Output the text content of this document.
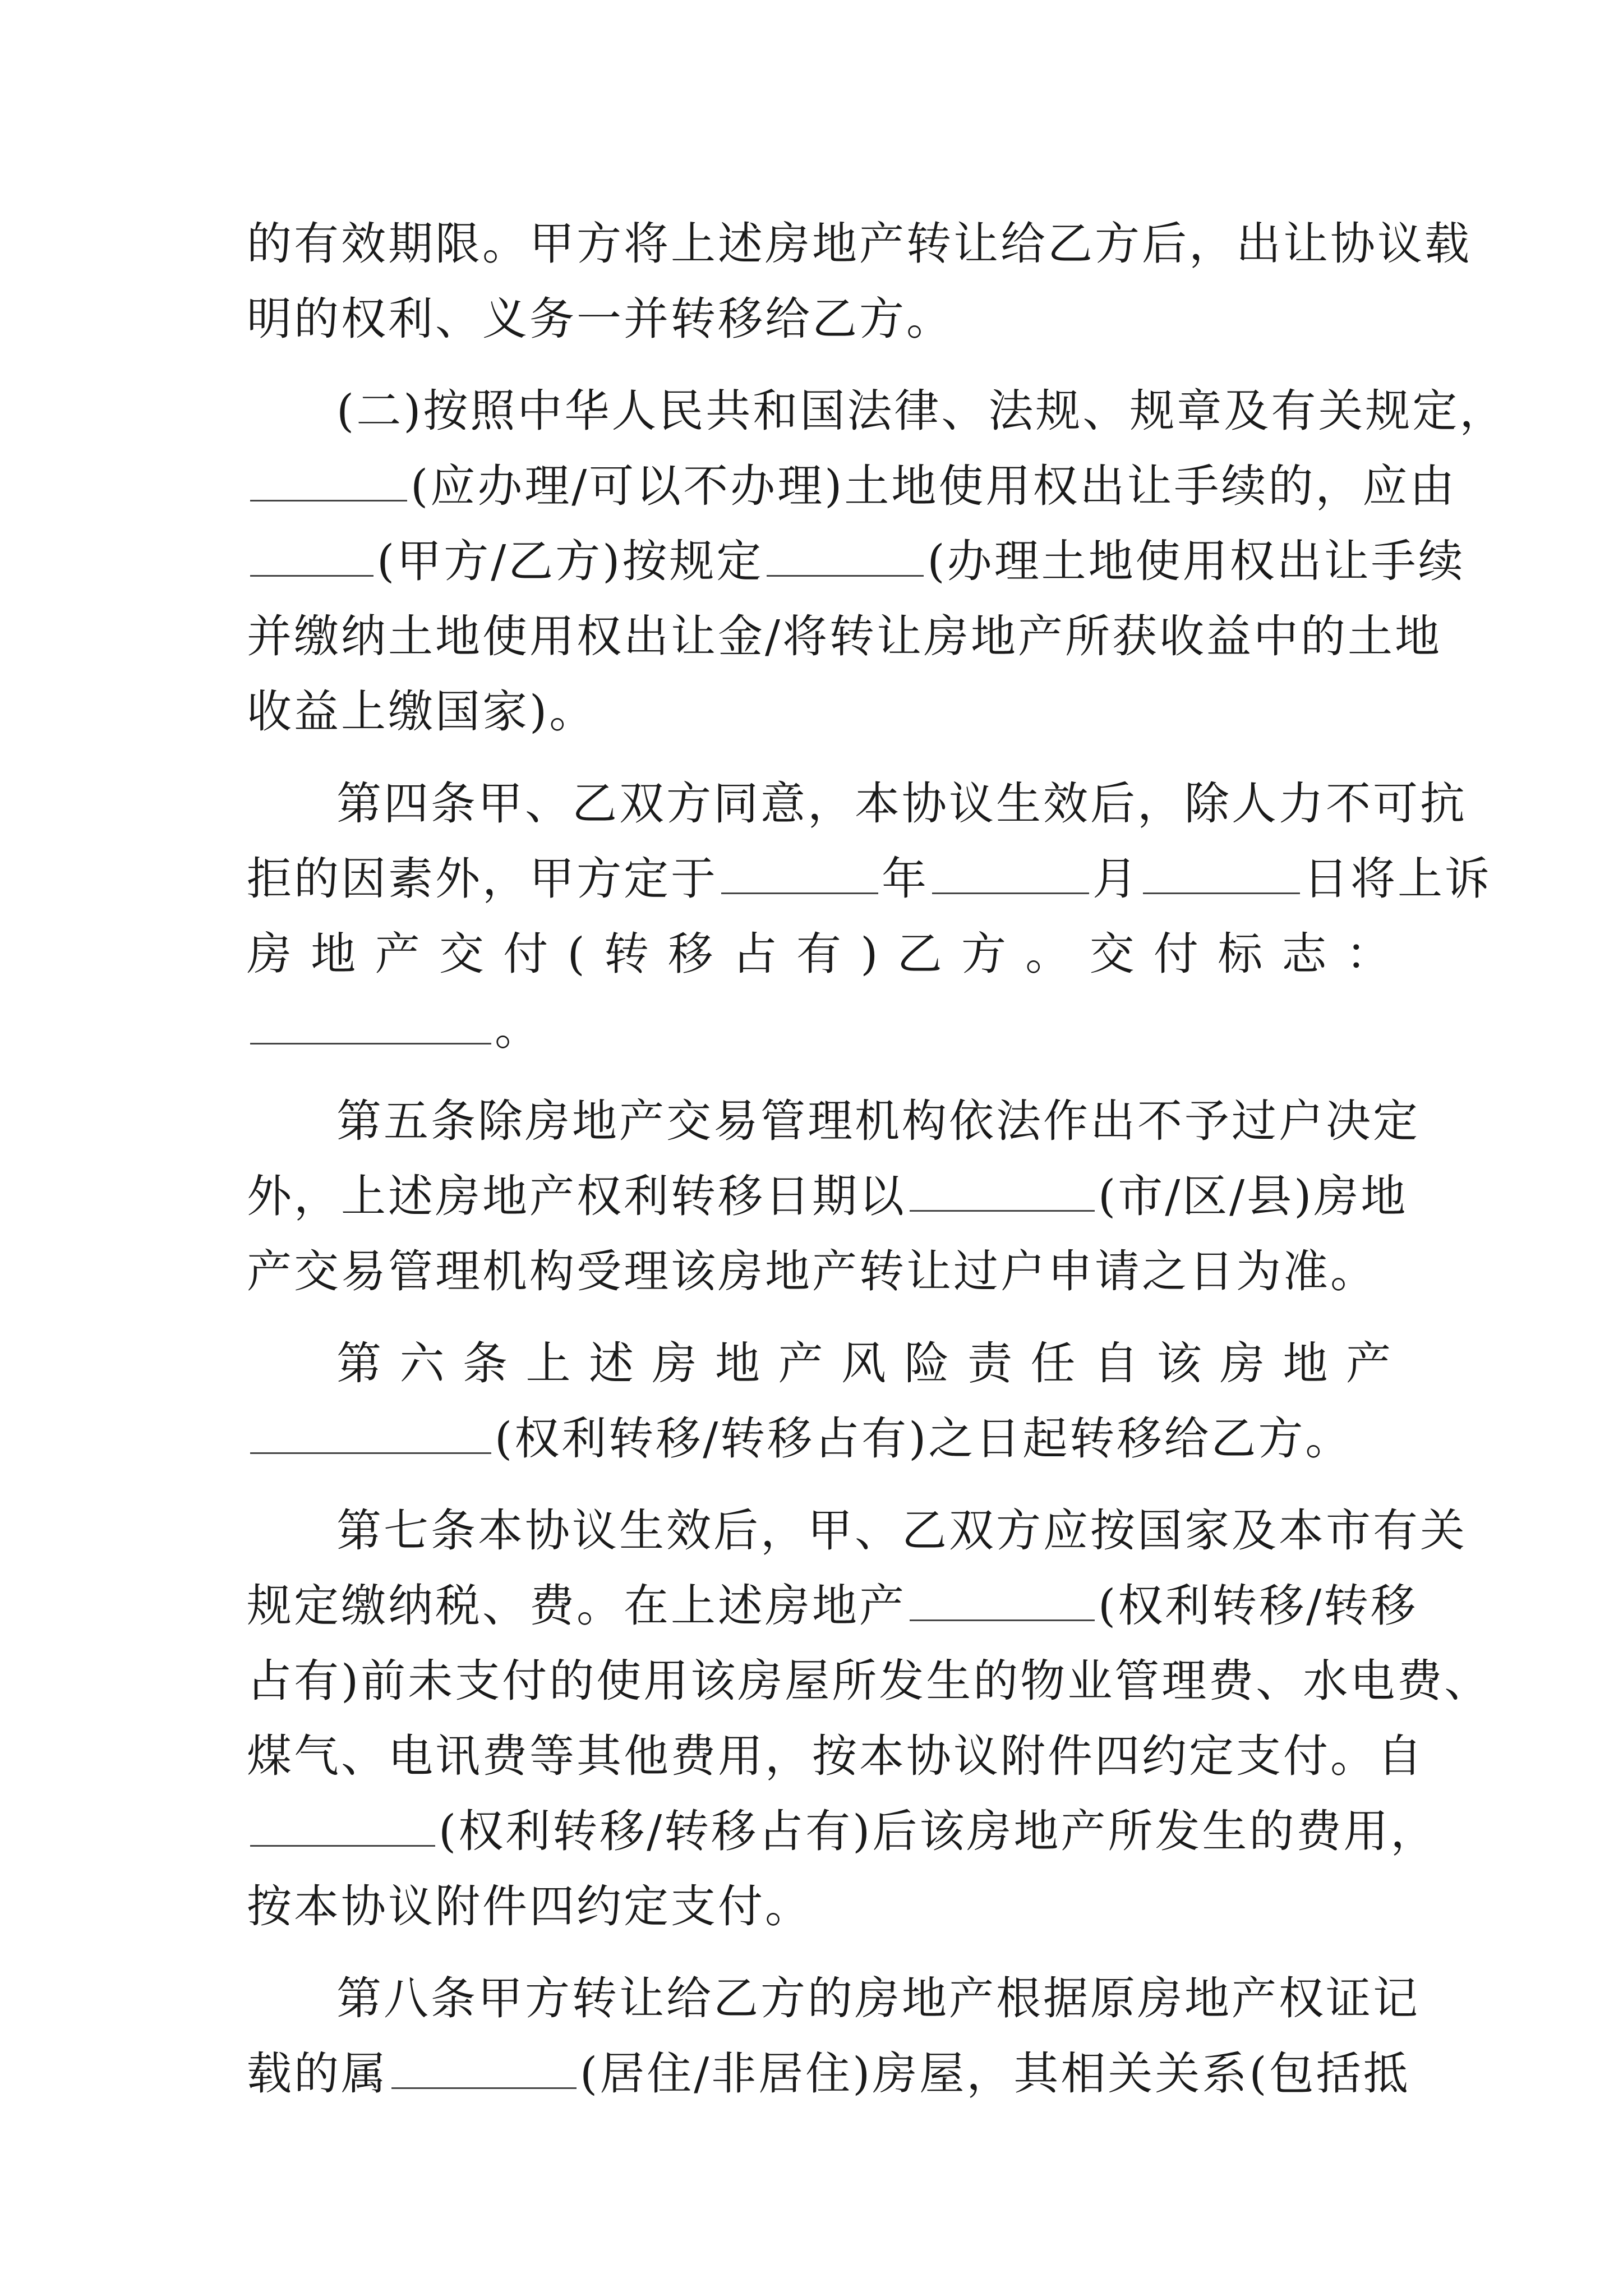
的有效期限。甲方将上述房地产转让给乙方后，出让协议载
明的权利、义务一并转移给乙方。
(二)按照中华人民共和国法律、法规、规章及有关规定，
(应办理/可以不办理)土地使用权出让手续的，应由
(甲方/乙方)按规定	(办理土地使用权出让手续
并缴纳土地使用权出让金/将转让房地产所获收益中的土地
收益上缴国家)。
第四条甲、乙双方同意，本协议生效后，除人力不可抗
拒的因素外，甲方定于	年	月	日将上诉
房 地 产 交 付 ( 转 移 占 有 ) 乙 方 。 交 付 标 志 ：
。
第五条除房地产交易管理机构依法作出不予过户决定
外，上述房地产权利转移日期以	(市/区/县)房地
产交易管理机构受理该房地产转让过户申请之日为准。
第 六 条 上 述 房 地 产 风 险 责 任 自 该 房 地 产
(权利转移/转移占有)之日起转移给乙方。
第七条本协议生效后，甲、乙双方应按国家及本市有关
规定缴纳税、费。在上述房地产	(权利转移/转移
占有)前未支付的使用该房屋所发生的物业管理费、水电费、
煤气、电讯费等其他费用，按本协议附件四约定支付。自
(权利转移/转移占有)后该房地产所发生的费用，
按本协议附件四约定支付。
第八条甲方转让给乙方的房地产根据原房地产权证记
载的属	(居住/非居住)房屋，其相关关系(包括抵
